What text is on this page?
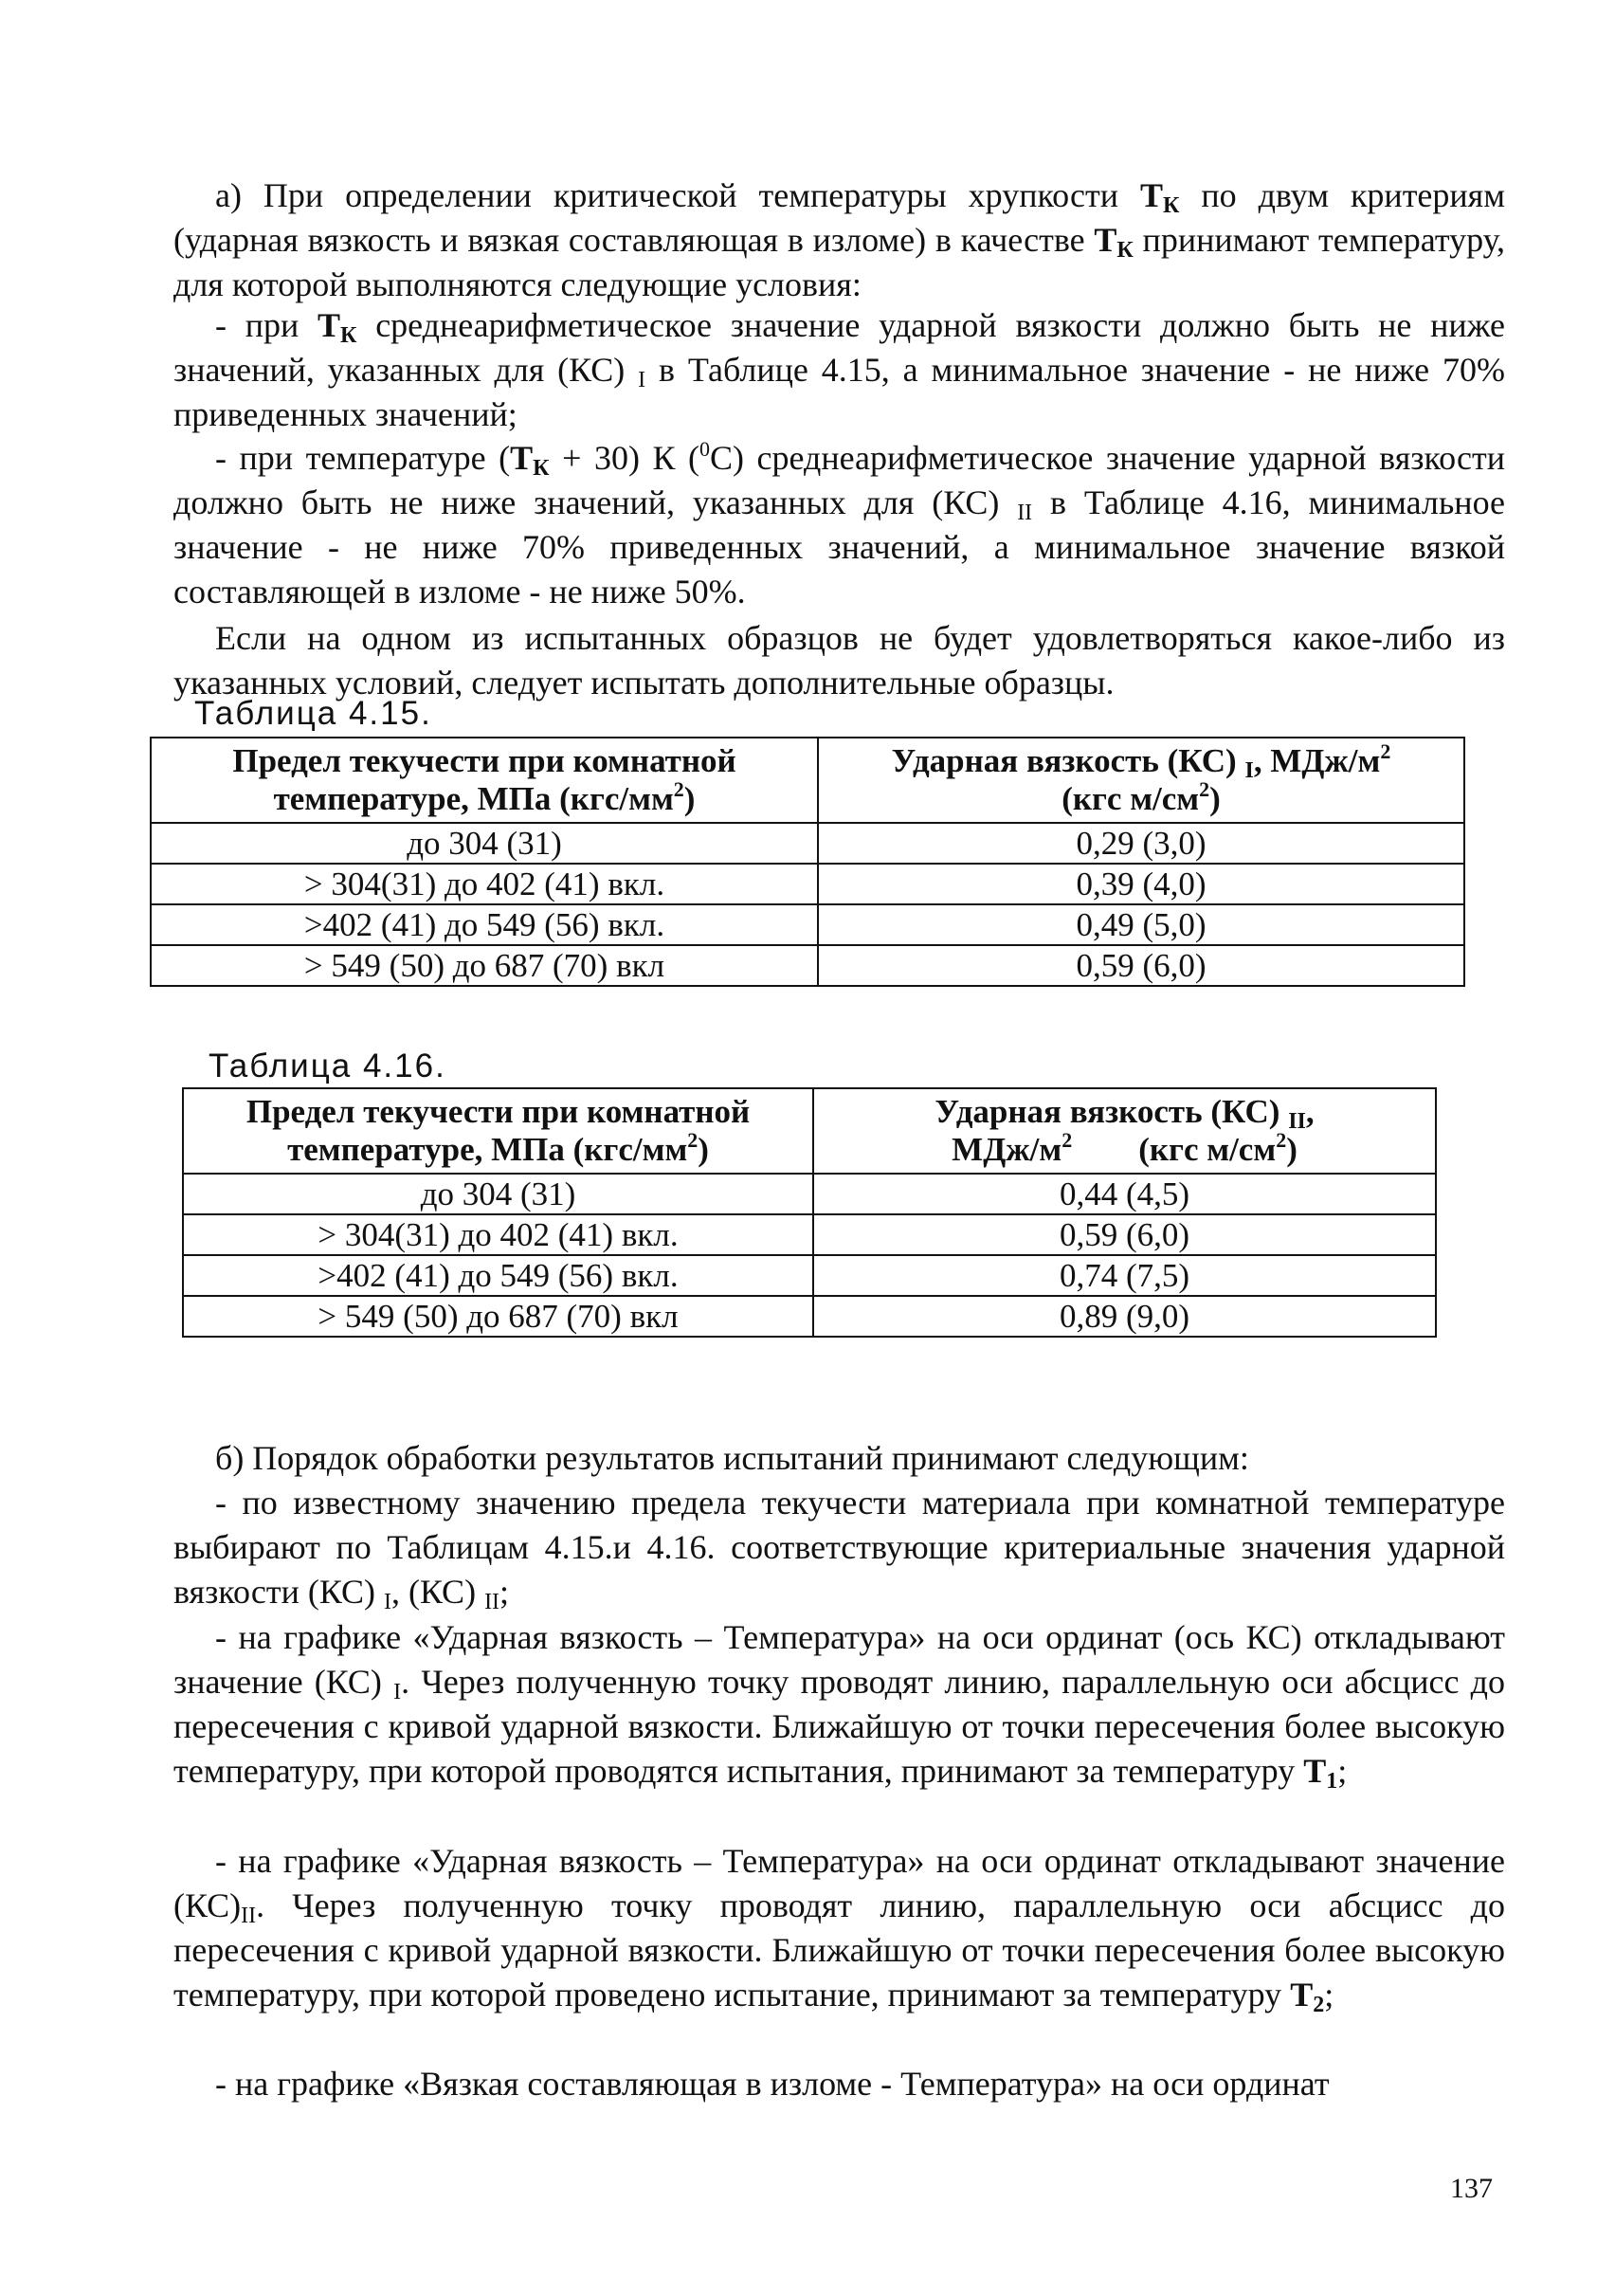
а) При определении критической температуры хрупкости $Т_К$ по двум критериям (ударная вязкость и вязкая составляющая в изломе) в качестве $Т_К$ принимают температуру, для которой выполняются следующие условия:

- при $Т_К$ среднеарифметическое значение ударной вязкости должно быть не ниже значений, указанных для (КС) $_I$ в Таблице 4.15, а минимальное значение - не ниже 70% приведенных значений;

- при температуре $(Т_К + 30)$ К ($^0$С) среднеарифметическое значение ударной вязкости должно быть не ниже значений, указанных для (КС) $_{II}$ в Таблице 4.16, минимальное значение - не ниже 70% приведенных значений, а минимальное значение вязкой составляющей в изломе - не ниже 50%.

Если на одном из испытанных образцов не будет удовлетворяться какое-либо из указанных условий, следует испытать дополнительные образцы.

Таблица 4.15.
Предел текучести при комнатной
температуре, МПа $(кгс/мм^2)$	Ударная вязкость (КС) $_I$, МДж/$м^2$
(кгс $м/см^2$)
до 304 (31)	0,29 (3,0)
> 304(31) до 402 (41) вкл.	0,39 (4,0)
>402 (41) до 549 (56) вкл.	0,49 (5,0)
> 549 (50) до 687 (70) вкл	0,59 (6,0)
Таблица 4.16.
Предел текучести при комнатной
температуре, МПа $(кгс/мм^2)$	Ударная вязкость (КС) $_{II}$,
МДж/$м^2$ (кгс $м/см^2$)
до 304 (31)	0,44 (4,5)
> 304(31) до 402 (41) вкл.	0,59 (6,0)
>402 (41) до 549 (56) вкл.	0,74 (7,5)
> 549 (50) до 687 (70) вкл	0,89 (9,0)

б) Порядок обработки результатов испытаний принимают следующим:

- по известному значению предела текучести материала при комнатной температуре выбирают по Таблицам 4.15.и 4.16. соответствующие критериальные значения ударной вязкости (КС) $_I$, (КС) $_{II}$;

- на графике «Ударная вязкость – Температура» на оси ординат (ось КС) откладывают значение (КС) $_I$. Через полученную точку проводят линию, параллельную оси абсцисс до пересечения с кривой ударной вязкости. Ближайшую от точки пересечения более высокую температуру, при которой проводятся испытания, принимают за температуру $Т_1$;

- на графике «Ударная вязкость – Температура» на оси ординат откладывают значение $(КС)_{II}$. Через полученную точку проводят линию, параллельную оси абсцисс до пересечения с кривой ударной вязкости. Ближайшую от точки пересечения более высокую температуру, при которой проведено испытание, принимают за температуру $Т_2$;

- на графике «Вязкая составляющая в изломе - Температура» на оси ординат

137
